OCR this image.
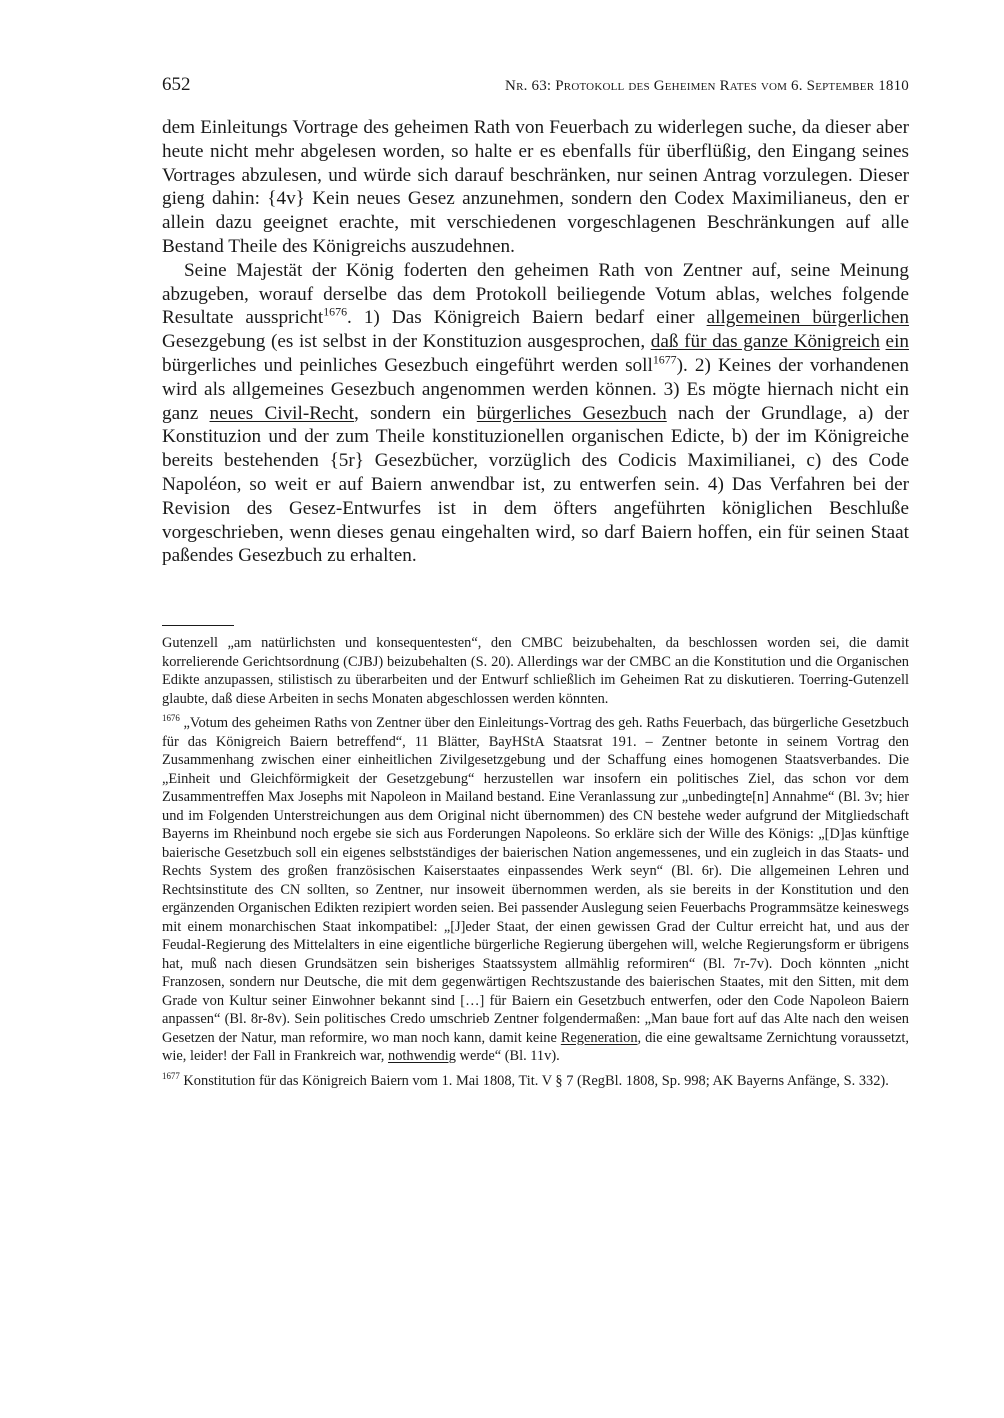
652	Nr. 63: Protokoll des Geheimen Rates vom 6. September 1810

dem Einleitungs Vortrage des geheimen Rath von Feuerbach zu widerlegen suche, da dieser aber heute nicht mehr abgelesen worden, so halte er es ebenfalls für überflüßig, den Eingang seines Vortrages abzulesen, und würde sich darauf beschränken, nur seinen Antrag vorzulegen. Dieser gieng dahin: {4v} Kein neues Gesez anzunehmen, sondern den Codex Maximilianeus, den er allein dazu geeignet erachte, mit verschiedenen vorgeschlagenen Beschränkungen auf alle Bestand Theile des Königreichs auszudehnen.

Seine Majestät der König foderten den geheimen Rath von Zentner auf, seine Meinung abzugeben, worauf derselbe das dem Protokoll beiliegende Votum ablas, welches folgende Resultate ausspricht$^{1676}$. 1) Das Königreich Baiern bedarf einer allgemeinen bürgerlichen Gesezgebung (es ist selbst in der Konstituzion ausgesprochen, daß für das ganze Königreich ein bürgerliches und peinliches Gesezbuch eingeführt werden soll$^{1677}$). 2) Keines der vorhandenen wird als allgemeines Gesezbuch angenommen werden können. 3) Es mögte hiernach nicht ein ganz neues Civil-Recht, sondern ein bürgerliches Gesezbuch nach der Grundlage, a) der Konstituzion und der zum Theile konstituzionellen organischen Edicte, b) der im Königreiche bereits bestehenden {5r} Gesezbücher, vorzüglich des Codicis Maximilianei, c) des Code Napoléon, so weit er auf Baiern anwendbar ist, zu entwerfen sein. 4) Das Verfahren bei der Revision des Gesez-Entwurfes ist in dem öfters angeführten königlichen Beschluße vorgeschrieben, wenn dieses genau eingehalten wird, so darf Baiern hoffen, ein für seinen Staat paßendes Gesezbuch zu erhalten.

Gutenzell „am natürlichsten und konsequentesten“, den CMBC beizubehalten, da beschlossen worden sei, die damit korrelierende Gerichtsordnung (CJBJ) beizubehalten (S. 20). Allerdings war der CMBC an die Konstitution und die Organischen Edikte anzupassen, stilistisch zu überarbeiten und der Entwurf schließlich im Geheimen Rat zu diskutieren. Toerring-Gutenzell glaubte, daß diese Arbeiten in sechs Monaten abgeschlossen werden könnten.

$^{1676}$ „Votum des geheimen Raths von Zentner über den Einleitungs-Vortrag des geh. Raths Feuerbach, das bürgerliche Gesetzbuch für das Königreich Baiern betreffend“, 11 Blätter, BayHStA Staatsrat 191. – Zentner betonte in seinem Vortrag den Zusammenhang zwischen einer einheitlichen Zivilgesetzgebung und der Schaffung eines homogenen Staatsverbandes. Die „Einheit und Gleichförmigkeit der Gesetzgebung“ herzustellen war insofern ein politisches Ziel, das schon vor dem Zusammentreffen Max Josephs mit Napoleon in Mailand bestand. Eine Veranlassung zur „unbedingte[n] Annahme“ (Bl. 3v; hier und im Folgenden Unterstreichungen aus dem Original nicht übernommen) des CN bestehe weder aufgrund der Mitgliedschaft Bayerns im Rheinbund noch ergebe sie sich aus Forderungen Napoleons. So erkläre sich der Wille des Königs: „[D]as künftige baierische Gesetzbuch soll ein eigenes selbstständiges der baierischen Nation angemessenes, und ein zugleich in das Staats- und Rechts System des großen französischen Kaiserstaates einpassendes Werk seyn“ (Bl. 6r). Die allgemeinen Lehren und Rechtsinstitute des CN sollten, so Zentner, nur insoweit übernommen werden, als sie bereits in der Konstitution und den ergänzenden Organischen Edikten rezipiert worden seien. Bei passender Auslegung seien Feuerbachs Programmsätze keineswegs mit einem monarchischen Staat inkompatibel: „[J]eder Staat, der einen gewissen Grad der Cultur erreicht hat, und aus der Feudal-Regierung des Mittelalters in eine eigentliche bürgerliche Regierung übergehen will, welche Regierungsform er übrigens hat, muß nach diesen Grundsätzen sein bisheriges Staatssystem allmählig reformiren“ (Bl. 7r-7v). Doch könnten „nicht Franzosen, sondern nur Deutsche, die mit dem gegenwärtigen Rechtszustande des baierischen Staates, mit den Sitten, mit dem Grade von Kultur seiner Einwohner bekannt sind […] für Baiern ein Gesetzbuch entwerfen, oder den Code Napoleon Baiern anpassen“ (Bl. 8r-8v). Sein politisches Credo umschrieb Zentner folgendermaßen: „Man baue fort auf das Alte nach den weisen Gesetzen der Natur, man reformire, wo man noch kann, damit keine Regeneration, die eine gewaltsame Zernichtung voraussetzt, wie, leider! der Fall in Frankreich war, nothwendig werde“ (Bl. 11v).

$^{1677}$ Konstitution für das Königreich Baiern vom 1. Mai 1808, Tit. V § 7 (RegBl. 1808, Sp. 998; AK Bayerns Anfänge, S. 332).
